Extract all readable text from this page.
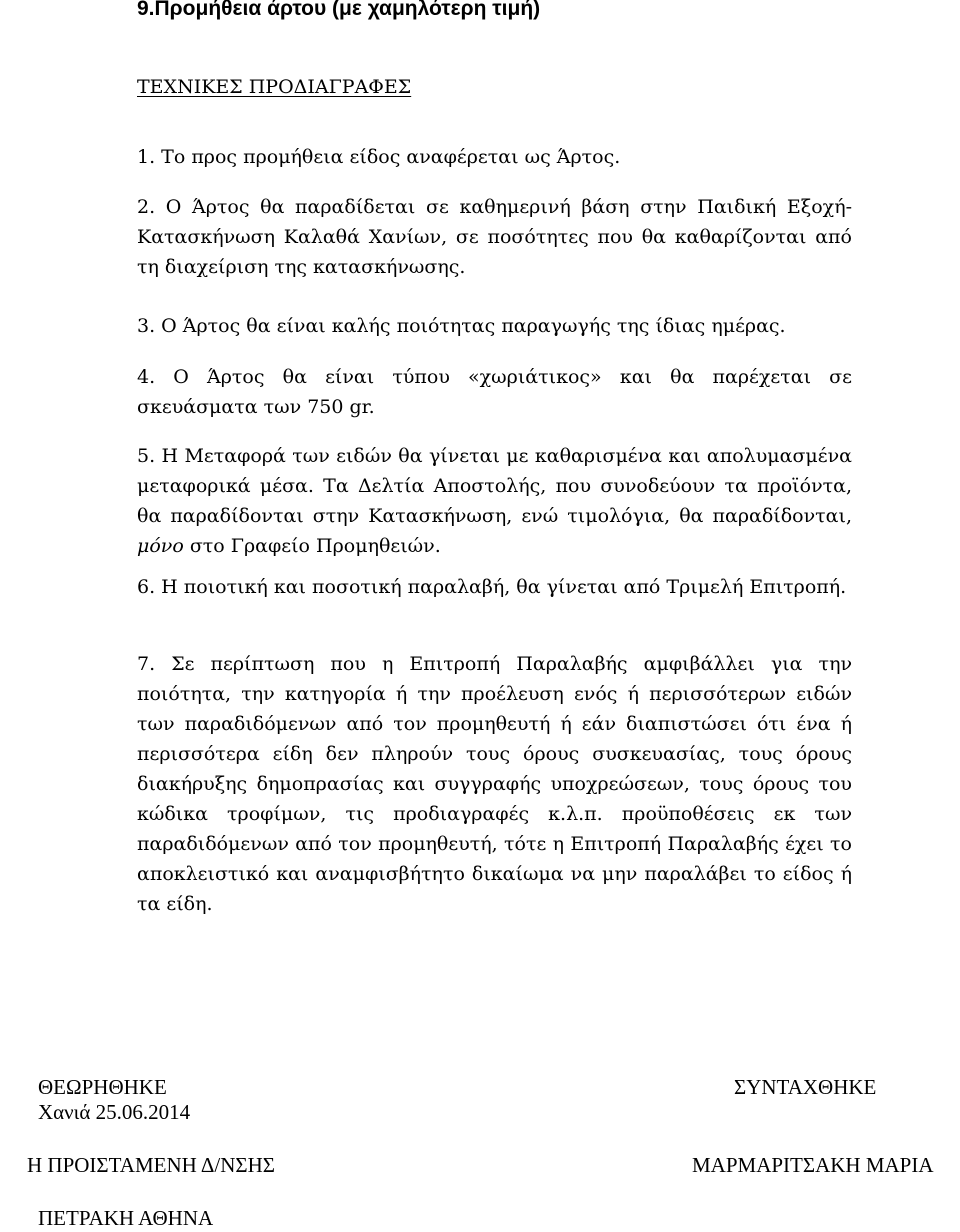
9.Προμήθεια άρτου (με χαμηλότερη τιμή)
ΤΕΧΝΙΚΕΣ ΠΡΟΔΙΑΓΡΑΦΕΣ
1. Το προς προμήθεια είδος αναφέρεται ως Άρτος.
2. Ο Άρτος θα παραδίδεται σε καθημερινή βάση στην Παιδική Εξοχή- Κατασκήνωση Καλαθά Χανίων, σε ποσότητες που θα καθαρίζονται από τη διαχείριση της κατασκήνωσης.
3. Ο Άρτος θα είναι καλής ποιότητας παραγωγής της ίδιας ημέρας.
4. Ο Άρτος θα είναι τύπου «χωριάτικος» και θα παρέχεται σε σκευάσματα των 750 gr.
5. Η Μεταφορά των ειδών θα γίνεται με καθαρισμένα και απολυμασμένα μεταφορικά μέσα. Τα Δελτία Αποστολής, που συνοδεύουν τα προϊόντα, θα παραδίδονται στην Κατασκήνωση, ενώ τιμολόγια, θα παραδίδονται, μόνο στο Γραφείο Προμηθειών.
6. Η ποιοτική και ποσοτική παραλαβή, θα γίνεται από Τριμελή Επιτροπή.
7. Σε περίπτωση που η Επιτροπή Παραλαβής αμφιβάλλει για την ποιότητα, την κατηγορία ή την προέλευση ενός ή περισσότερων ειδών των παραδιδόμενων από τον προμηθευτή ή εάν διαπιστώσει ότι ένα ή περισσότερα είδη δεν πληρούν τους όρους συσκευασίας, τους όρους διακήρυξης δημοπρασίας και συγγραφής υποχρεώσεων, τους όρους του κώδικα τροφίμων, τις προδιαγραφές κ.λ.π. προϋποθέσεις εκ των παραδιδόμενων από τον προμηθευτή, τότε η Επιτροπή Παραλαβής έχει το αποκλειστικό και αναμφισβήτητο δικαίωμα να μην παραλάβει το είδος ή τα είδη.
ΘΕΩΡΗΘΗΚΕ
Χανιά 25.06.2014
Η ΠΡΟΙΣΤΑΜΕΝΗ Δ/ΝΣΗΣ
ΠΕΤΡΑΚΗ ΑΘΗΝΑ
ΣΥΝΤΑΧΘΗΚΕ
ΜΑΡΜΑΡΙΤΣΑΚΗ ΜΑΡΙΑ
